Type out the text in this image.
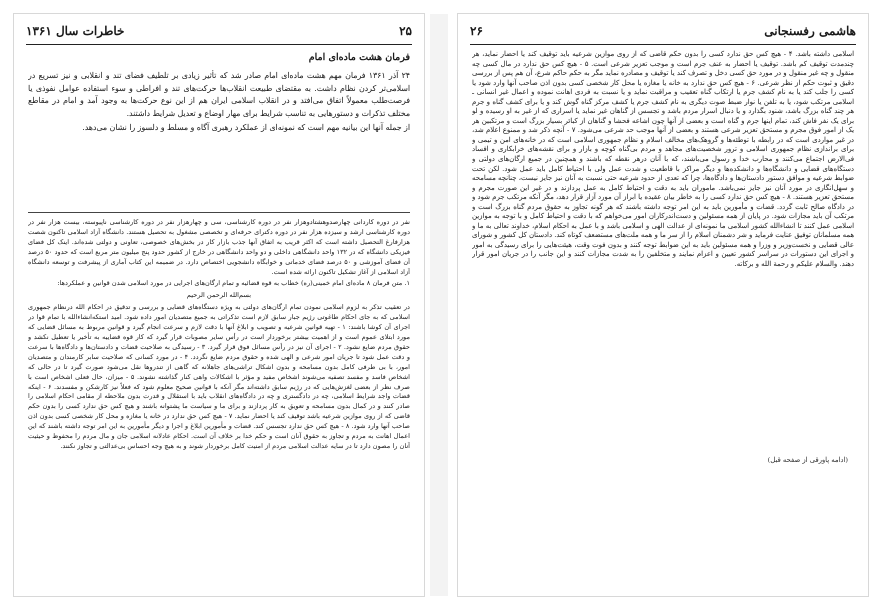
۲۵
خاطرات سال ۱۳۶۱
فرمان هشت ماده‌ای امام

۲۴ آذر ۱۳۶۱ فرمان مهم هشت ماده‌ای امام صادر شد که تأثیر زیادی بر تلطیف فضای تند و انقلابی و نیز تسریع در اسلامی‌تر کردن نظام داشت. به مقتضای طبیعت انقلاب‌ها حرکت‌های تند و افراطی و سوء استفاده عوامل نفوذی یا فرصت‌طلب معمولاً اتفاق می‌افتد و در انقلاب اسلامی ایران هم از این نوع حرکت‌ها به وجود آمد و امام در مقاطع مختلف تذکرات و دستورهایی به تناسب شرایط برای مهار اوضاع و تعدیل شرایط داشتند.

از جمله آنها این بیانیه مهم است که نمونه‌ای از عملکرد رهبری آگاه و مسلط و دلسوز را نشان می‌دهد.

نفر در دوره کاردانی چهارصدوهشتادوهزار نفر در دوره کارشناسی، سی و چهارهزار نفر در دوره کارشناسی ناپیوسته، بیست هزار نفر در دوره کارشناسی ارشد و سیزده هزار نفر در دوره دکترای حرفه‌ای و تخصصی مشغول به تحصیل هستند. دانشگاه آزاد اسلامی تاکنون شصت هزارفارغ التحصیل داشته است که اکثر قریب به اتفاق آنها جذب بازار کار در بخش‌های خصوصی، تعاونی و دولتی شده‌اند. اینک کل فضای فیزیکی دانشگاه که در ۱۳۲ واحد دانشگاهی داخلی و دو واحد دانشگاهی در خارج از کشور حدود پنج میلیون متر مربع است که حدود ۵۰ درصد آن فضای آموزشی و ۵۰ درصد فضای خدماتی و خوابگاه دانشجویی اختصاص دارد. در ضمیمه این کتاب آماری از پیشرفت و توسعه دانشگاه آزاد اسلامی از آغاز تشکیل تاکنون ارائه شده است.

۱. متن فرمان ۸ ماده‌ای امام خمینی(ره) خطاب به قوه قضائیه و تمام ارگان‌های اجرایی در مورد اسلامی شدن قوانین و عملکردها:

بسم‌الله الرحمن الرحیم

در تعقیب تذکر به لزوم اسلامی نمودن تمام ارگان‌های دولتی به ویژه دستگاه‌های قضایی و بررسی و تدقیق در احکام الله درنظام جمهوری اسلامی که به جای احکام طاغوتی رژیم جبار سابق لازم است تذکراتی به جمیع متصدیان امور داده شود. امید استکه‌انشاءالله با تمام قوا در اجرای آن کوشا باشند: ۱ - تهیه قوانین شرعیه و تصویب و ابلاغ آنها با دقت لازم و سرعت انجام گیرد و قوانین مربوط به مسائل قضایی که مورد ابتلای عموم است و از اهمیت بیشتر برخوردار است در رأس سایر مصوبات قرار گیرد که کار قوه قضاییه به تأخیر یا تعطیل نکشد و حقوق مردم ضایع نشود. ۲ - اجرای آن نیز در رأس مسائل فوق قرار گیرد. ۳ - رسیدگی به صلاحیت قضات و دادستان‌ها و دادگاه‌ها با سرعت و دقت عمل شود تا جریان امور شرعی و الهی شده و حقوق مردم ضایع نگردد. ۴ - در مورد کسانی که صلاحیت سابر کارمندان و متصدیان امور، با بی طرفی کامل بدون مسامحه و بدون اشکال تراشی‌های جاهلانه که گاهی از تندروها نقل می‌شود صورت گیرد تا در حالی که اشخاص فاسد و مفسد تصفیه می‌شوند اشخاص مفید و مؤثر با اشکالات واهی کنار گذاشته نشوند. ۵ - میزان، حال فعلی اشخاص است با صرف نظر از بعضی لغزش‌هایی که در رژیم سابق داشته‌اند مگر آنکه با قوانین صحیح معلوم شود که فعلاً نیز کارشکن و مفسدند. ۶ - اینکه قضات واجد شرایط اسلامی، چه در دادگستری و چه در دادگاه‌های انقلاب باید با استقلال و قدرت بدون ملاحظه از مقامی احکام اسلامی را صادر کنند و در کمال بدون مسامحه و تعویق به کار پردازند و برای ما و سیاست ما پشتوانه باشند و هیچ کس حق ندارد کسی را بدون حکم قاضی که از روی موازین شرعیه باشد توقیف کند یا احضار نماید. ۷ - هیچ کس حق ندارد در خانه یا مغازه و محل کار شخصی کسی بدون اذن صاحب آنها وارد شود. ۸ - هیچ کس حق ندارد تجسس کند. قضات و مأمورین ابلاغ و اجرا و دیگر مأمورین به این امر توجه داشته باشند که این اعمال اهانت به مردم و تجاوز به حقوق آنان است و حکم خدا بر خلاف آن است. احکام عادلانه اسلامی جان و مال مردم را محفوظ و حیثیت آنان را مصون دارد تا در سایه عدالت اسلامی مردم از امنیت کامل برخوردار شوند و به هیچ وجه احساس بی‌عدالتی و تجاوز نکنند.

هاشمی رفسنجانی
۲۶

اسلامی داشته باشد. ۴ - هیچ کس حق ندارد کسی را بدون حکم قاضی که از روی موازین شرعیه باید توقیف کند یا احضار نماید، هر چندمدت توقیف کم باشد. توقیف یا احضار به عنف جرم است و موجب تعزیر شرعی است. ۵ - هیچ کس حق ندارد در مال کسی چه منقول و چه غیر منقول و در مورد حق کسی دخل و تصرف کند یا توقیف و مصادره نماید مگر به حکم حاکم شرع، آن هم پس از بررسی دقیق و ثبوت حکم از نظر شرعی. ۶ - هیچ کس حق ندارد به خانه یا مغازه یا محل کار شخصی کسی بدون اذن صاحب آنها وارد شود یا کسی را جلب کند یا به نام کشف جرم یا ارتکاب گناه تعقیب و مراقبت نماید و یا نسبت به فردی اهانت نموده و اعمال غیر انسانی ـ اسلامی مرتکب شود، یا به تلفن یا نوار ضبط صوت دیگری به نام کشف جرم یا کشف مرکز گناه گوش کند و یا برای کشف گناه و جرم هر چند گناه بزرگ باشد، شنود بگذارد و یا دنبال اسرار مردم باشد و تجسس از گناهان غیر نماید یا اسراری که از غیر به او رسیده و لو برای یک نفر فاش کند، تمام اینها جرم و گناه است و بعضی از آنها چون اشاعه فحشا و گناهان از کبائر بسیار بزرگ است و مرتکبین هر یک از امور فوق مجرم و مستحق تعزیر شرعی هستند و بعضی از آنها موجب حد شرعی می‌شود. ۷ - آنچه ذکر شد و ممنوع اعلام شد، در غیر مواردی است که در رابطه با توطئه‌ها و گروهک‌های مخالف اسلام و نظام جمهوری اسلامی است که در خانه‌های امن و تیمی و برای براندازی نظام جمهوری اسلامی و ترور شخصیت‌های مجاهد و مردم بی‌گناه کوچه و بازار و برای نقشه‌های خرابکاری و افساد فی‌الارض اجتماع می‌کنند و محارب خدا و رسول می‌باشند، که با آنان درهر نقطه که باشند و همچنین در جمیع ارگان‌های دولتی و دستگاه‌های قضایی و دانشگاه‌ها و دانشکده‌ها و دیگر مراکز با قاطعیت و شدت عمل ولی با احتیاط کامل باید عمل شود. لکن تحت ضوابط شرعیه و موافق دستور دادستان‌ها و دادگاه‌ها، چرا که تعدی از حدود شرعیه حتی نسبت به آنان نیز جایز نیست، چنانچه مسامحه و سهل‌انگاری در مورد آنان نیز جایز نمی‌باشد. ماموران باید به دقت و احتیاط کامل به عمل پردازند و در غیر این صورت مجرم و مستحق تعزیر هستند. ۸ - هیچ کس حق ندارد کسی را به خاطر بیان عقیده یا ابراز آن مورد آزار قرار دهد، مگر آنکه مرتکب جرم شود و در دادگاه صالح ثابت گردد. قضات و مأمورین باید به این امر توجه داشته باشند که هر گونه تجاوز به حقوق مردم گناه بزرگ است و مرتکب آن باید مجازات شود. در پایان از همه مسئولین و دست‌اندرکاران امور می‌خواهم که با دقت و احتیاط کامل و با توجه به موازین اسلامی عمل کنند تا انشاءالله کشور اسلامی ما نمونه‌ای از عدالت الهی و اسلامی باشد و با عمل به احکام اسلام، خداوند تعالی به ما و همه مسلمانان توفیق عنایت فرماید و شر دشمنان اسلام را از سر ما و همه ملت‌های مستضعف کوتاه کند. دادستان کل کشور و شورای عالی قضایی و نخست‌وزیر و وزرا و همه مسئولین باید به این ضوابط توجه کنند و بدون فوت وقت، هیئت‌هایی را برای رسیدگی به امور و اجرای این دستورات در سراسر کشور تعیین و اعزام نمایند و متخلفین را به شدت مجازات کنند و این جانب را در جریان امور قرار دهند. والسلام علیکم و رحمة الله و برکاته.

(ادامه پاورقی از صفحه قبل)
